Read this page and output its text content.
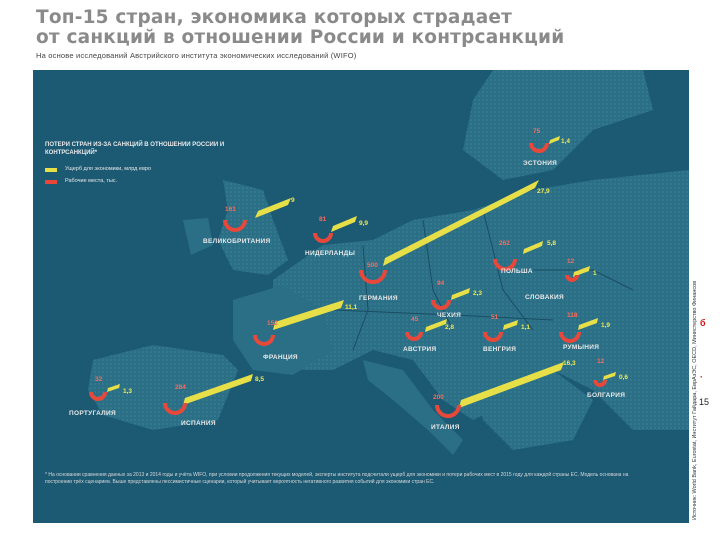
Топ-15 стран, экономика которых страдает
от санкций в отношении России и контрсанкций
На основе исследований Австрийского института экономических исследований (WIFO)
ПОТЕРИ СТРАН ИЗ-ЗА САНКЦИЙ В ОТНОШЕНИИ РОССИИ И КОНТРСАНКЦИЙ*
Ущерб для экономики, млрд евро
Рабочие места, тыс.
ВЕЛИКОБРИТАНИЯ
161
9
НИДЕРЛАНДЫ
81
9,9
ГЕРМАНИЯ
500
27,9
ЭСТОНИЯ
75
1,4
ПОЛЬША
262	5,8
СЛОВАКИЯ
12
1
ЧЕХИЯ
94
2,3
АВСТРИЯ
45
2,8
ВЕНГРИЯ
51
1,1
РУМЫНИЯ
118
1,9
ФРАНЦИЯ
152
11,1
БОЛГАРИЯ
12
0,6
ИТАЛИЯ
200
16,3
ИСПАНИЯ
284
8,5
ПОРТУГАЛИЯ
32
1,3
* На основании сравнения данных за 2013 и 2014 годы и учёта WIFO, при условии продолжения текущих моделей, эксперты института подсчитали ущерб для экономики и потери рабочих мест в 2015 году для каждой страны ЕС. Модель основана на построении трёх сценариев. Выше представлены пессимистичные сценарии, который учитывает вероятность негативного развития событий для экономики стран ЕС.	Источник: World Bank, Eurostat, Институт Гайдара, ЕврАзЭС, OECD, Министерство Финансов б
·
15
